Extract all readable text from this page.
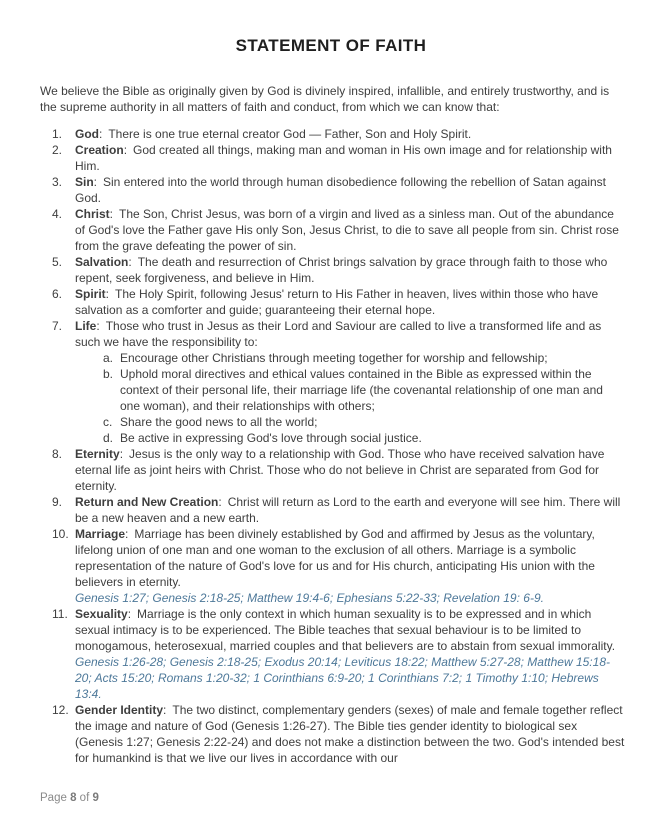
STATEMENT OF FAITH

We believe the Bible as originally given by God is divinely inspired, infallible, and entirely trustworthy, and is the supreme authority in all matters of faith and conduct, from which we can know that:

1.	God: There is one true eternal creator God — Father, Son and Holy Spirit.
2.	Creation: God created all things, making man and woman in His own image and for relationship with Him.
3.	Sin: Sin entered into the world through human disobedience following the rebellion of Satan against God.
4.	Christ: The Son, Christ Jesus, was born of a virgin and lived as a sinless man. Out of the abundance of God's love the Father gave His only Son, Jesus Christ, to die to save all people from sin. Christ rose from the grave defeating the power of sin.
5.	Salvation: The death and resurrection of Christ brings salvation by grace through faith to those who repent, seek forgiveness, and believe in Him.
6.	Spirit: The Holy Spirit, following Jesus' return to His Father in heaven, lives within those who have salvation as a comforter and guide; guaranteeing their eternal hope.
7.	Life: Those who trust in Jesus as their Lord and Saviour are called to live a transformed life and as such we have the responsibility to:
a. Encourage other Christians through meeting together for worship and fellowship;
b. Uphold moral directives and ethical values contained in the Bible as expressed within the context of their personal life, their marriage life (the covenantal relationship of one man and one woman), and their relationships with others;
c. Share the good news to all the world;
d. Be active in expressing God's love through social justice.
8.	Eternity: Jesus is the only way to a relationship with God. Those who have received salvation have eternal life as joint heirs with Christ. Those who do not believe in Christ are separated from God for eternity.
9.	Return and New Creation: Christ will return as Lord to the earth and everyone will see him. There will be a new heaven and a new earth.
10. Marriage: Marriage has been divinely established by God and affirmed by Jesus as the voluntary, lifelong union of one man and one woman to the exclusion of all others. Marriage is a symbolic representation of the nature of God's love for us and for His church, anticipating His union with the believers in eternity.
Genesis 1:27; Genesis 2:18-25; Matthew 19:4-6; Ephesians 5:22-33; Revelation 19: 6-9.
11. Sexuality: Marriage is the only context in which human sexuality is to be expressed and in which sexual intimacy is to be experienced. The Bible teaches that sexual behaviour is to be limited to monogamous, heterosexual, married couples and that believers are to abstain from sexual immorality.
Genesis 1:26-28; Genesis 2:18-25; Exodus 20:14; Leviticus 18:22; Matthew 5:27-28; Matthew 15:18-20; Acts 15:20; Romans 1:20-32; 1 Corinthians 6:9-20; 1 Corinthians 7:2; 1 Timothy 1:10; Hebrews 13:4.
12. Gender Identity: The two distinct, complementary genders (sexes) of male and female together reflect the image and nature of God (Genesis 1:26-27). The Bible ties gender identity to biological sex (Genesis 1:27; Genesis 2:22-24) and does not make a distinction between the two. God's intended best for humankind is that we live our lives in accordance with our
Page 8 of 9
